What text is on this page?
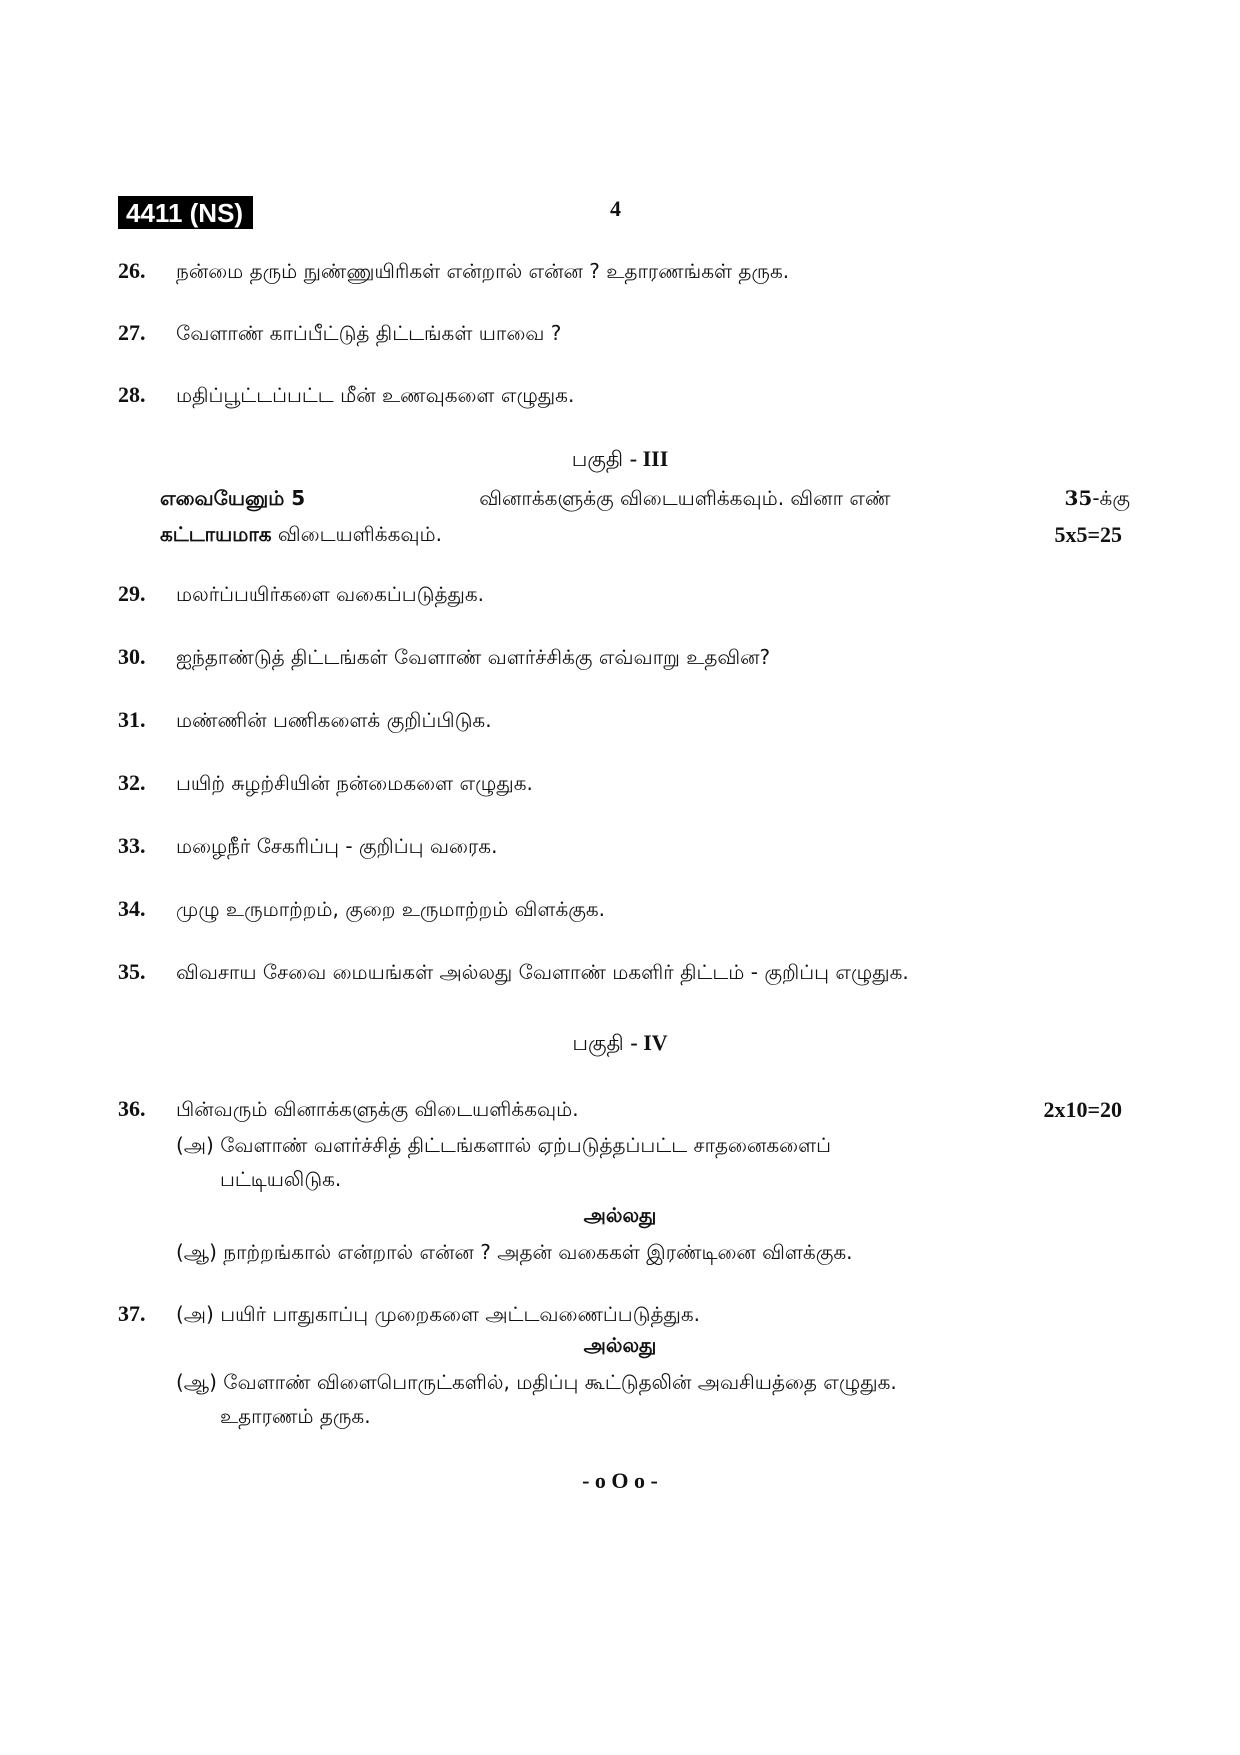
4411 (NS)	4
26.	நன்மை தரும் நுண்ணுயிரிகள் என்றால் என்ன ? உதாரணங்கள் தருக.
27.	வேளாண் காப்பீட்டுத் திட்டங்கள் யாவை ?
28.	மதிப்பூட்டப்பட்ட மீன் உணவுகளை எழுதுக.
பகுதி - III
எவையேனும் 5	வினாக்களுக்கு விடையளிக்கவும். வினா எண்	35-க்கு
கட்டாயமாக விடையளிக்கவும்.	5x5=25
29.	மலர்ப்பயிர்களை வகைப்படுத்துக.
30.	ஐந்தாண்டுத் திட்டங்கள் வேளாண் வளர்ச்சிக்கு எவ்வாறு உதவின?
31.	மண்ணின் பணிகளைக் குறிப்பிடுக.
32.	பயிற் சுழற்சியின் நன்மைகளை எழுதுக.
33.	மழைநீர் சேகரிப்பு - குறிப்பு வரைக.
34.	முழு உருமாற்றம், குறை உருமாற்றம் விளக்குக.
35.	விவசாய சேவை மையங்கள் அல்லது வேளாண் மகளிர் திட்டம் - குறிப்பு எழுதுக.
பகுதி - IV
36.	பின்வரும் வினாக்களுக்கு விடையளிக்கவும்.	2x10=20
(அ) வேளாண் வளர்ச்சித் திட்டங்களால் ஏற்படுத்தப்பட்ட சாதனைகளைப்
பட்டியலிடுக.
அல்லது
(ஆ) நாற்றங்கால் என்றால் என்ன ? அதன் வகைகள் இரண்டினை விளக்குக.
37.	(அ) பயிர் பாதுகாப்பு முறைகளை அட்டவணைப்படுத்துக.
அல்லது
(ஆ) வேளாண் விளைபொருட்களில், மதிப்பு கூட்டுதலின் அவசியத்தை எழுதுக.
உதாரணம் தருக.
- o O o -
